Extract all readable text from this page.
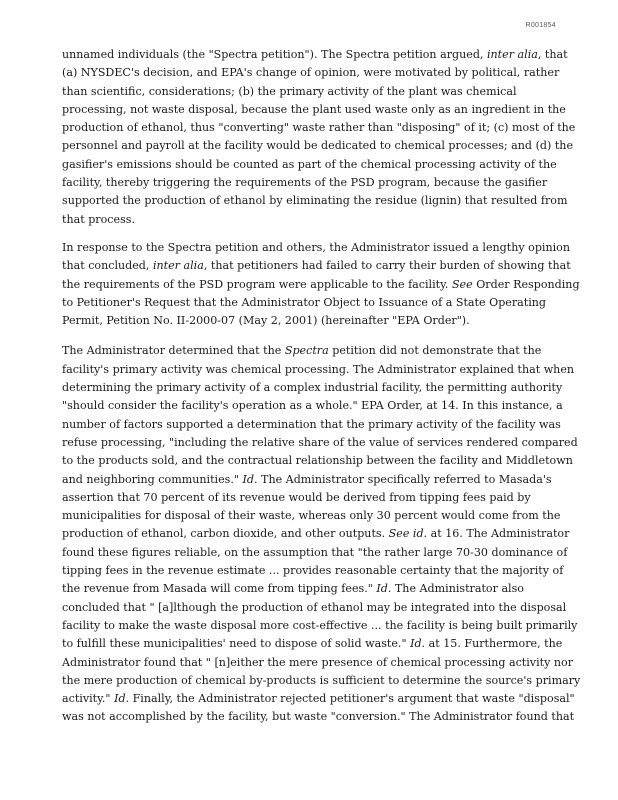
R001854
unnamed individuals (the "Spectra petition"). The Spectra petition argued, inter alia, that
(a) NYSDEC's decision, and EPA's change of opinion, were motivated by political, rather
than scientific, considerations; (b) the primary activity of the plant was chemical
processing, not waste disposal, because the plant used waste only as an ingredient in the
production of ethanol, thus "converting" waste rather than "disposing" of it; (c) most of the
personnel and payroll at the facility would be dedicated to chemical processes; and (d) the
gasifier's emissions should be counted as part of the chemical processing activity of the
facility, thereby triggering the requirements of the PSD program, because the gasifier
supported the production of ethanol by eliminating the residue (lignin) that resulted from
that process.
In response to the Spectra petition and others, the Administrator issued a lengthy opinion
that concluded, inter alia, that petitioners had failed to carry their burden of showing that
the requirements of the PSD program were applicable to the facility. See Order Responding
to Petitioner's Request that the Administrator Object to Issuance of a State Operating
Permit, Petition No. II-2000-07 (May 2, 2001) (hereinafter "EPA Order").
The Administrator determined that the Spectra petition did not demonstrate that the
facility's primary activity was chemical processing. The Administrator explained that when
determining the primary activity of a complex industrial facility, the permitting authority
"should consider the facility's operation as a whole." EPA Order, at 14. In this instance, a
number of factors supported a determination that the primary activity of the facility was
refuse processing, "including the relative share of the value of services rendered compared
to the products sold, and the contractual relationship between the facility and Middletown
and neighboring communities." Id. The Administrator specifically referred to Masada's
assertion that 70 percent of its revenue would be derived from tipping fees paid by
municipalities for disposal of their waste, whereas only 30 percent would come from the
production of ethanol, carbon dioxide, and other outputs. See id. at 16. The Administrator
found these figures reliable, on the assumption that "the rather large 70-30 dominance of
tipping fees in the revenue estimate ... provides reasonable certainty that the majority of
the revenue from Masada will come from tipping fees." Id. The Administrator also
concluded that " [a]lthough the production of ethanol may be integrated into the disposal
facility to make the waste disposal more cost-effective ... the facility is being built primarily
to fulfill these municipalities' need to dispose of solid waste." Id. at 15. Furthermore, the
Administrator found that " [n]either the mere presence of chemical processing activity nor
the mere production of chemical by-products is sufficient to determine the source's primary
activity." Id. Finally, the Administrator rejected petitioner's argument that waste "disposal"
was not accomplished by the facility, but waste "conversion." The Administrator found that
